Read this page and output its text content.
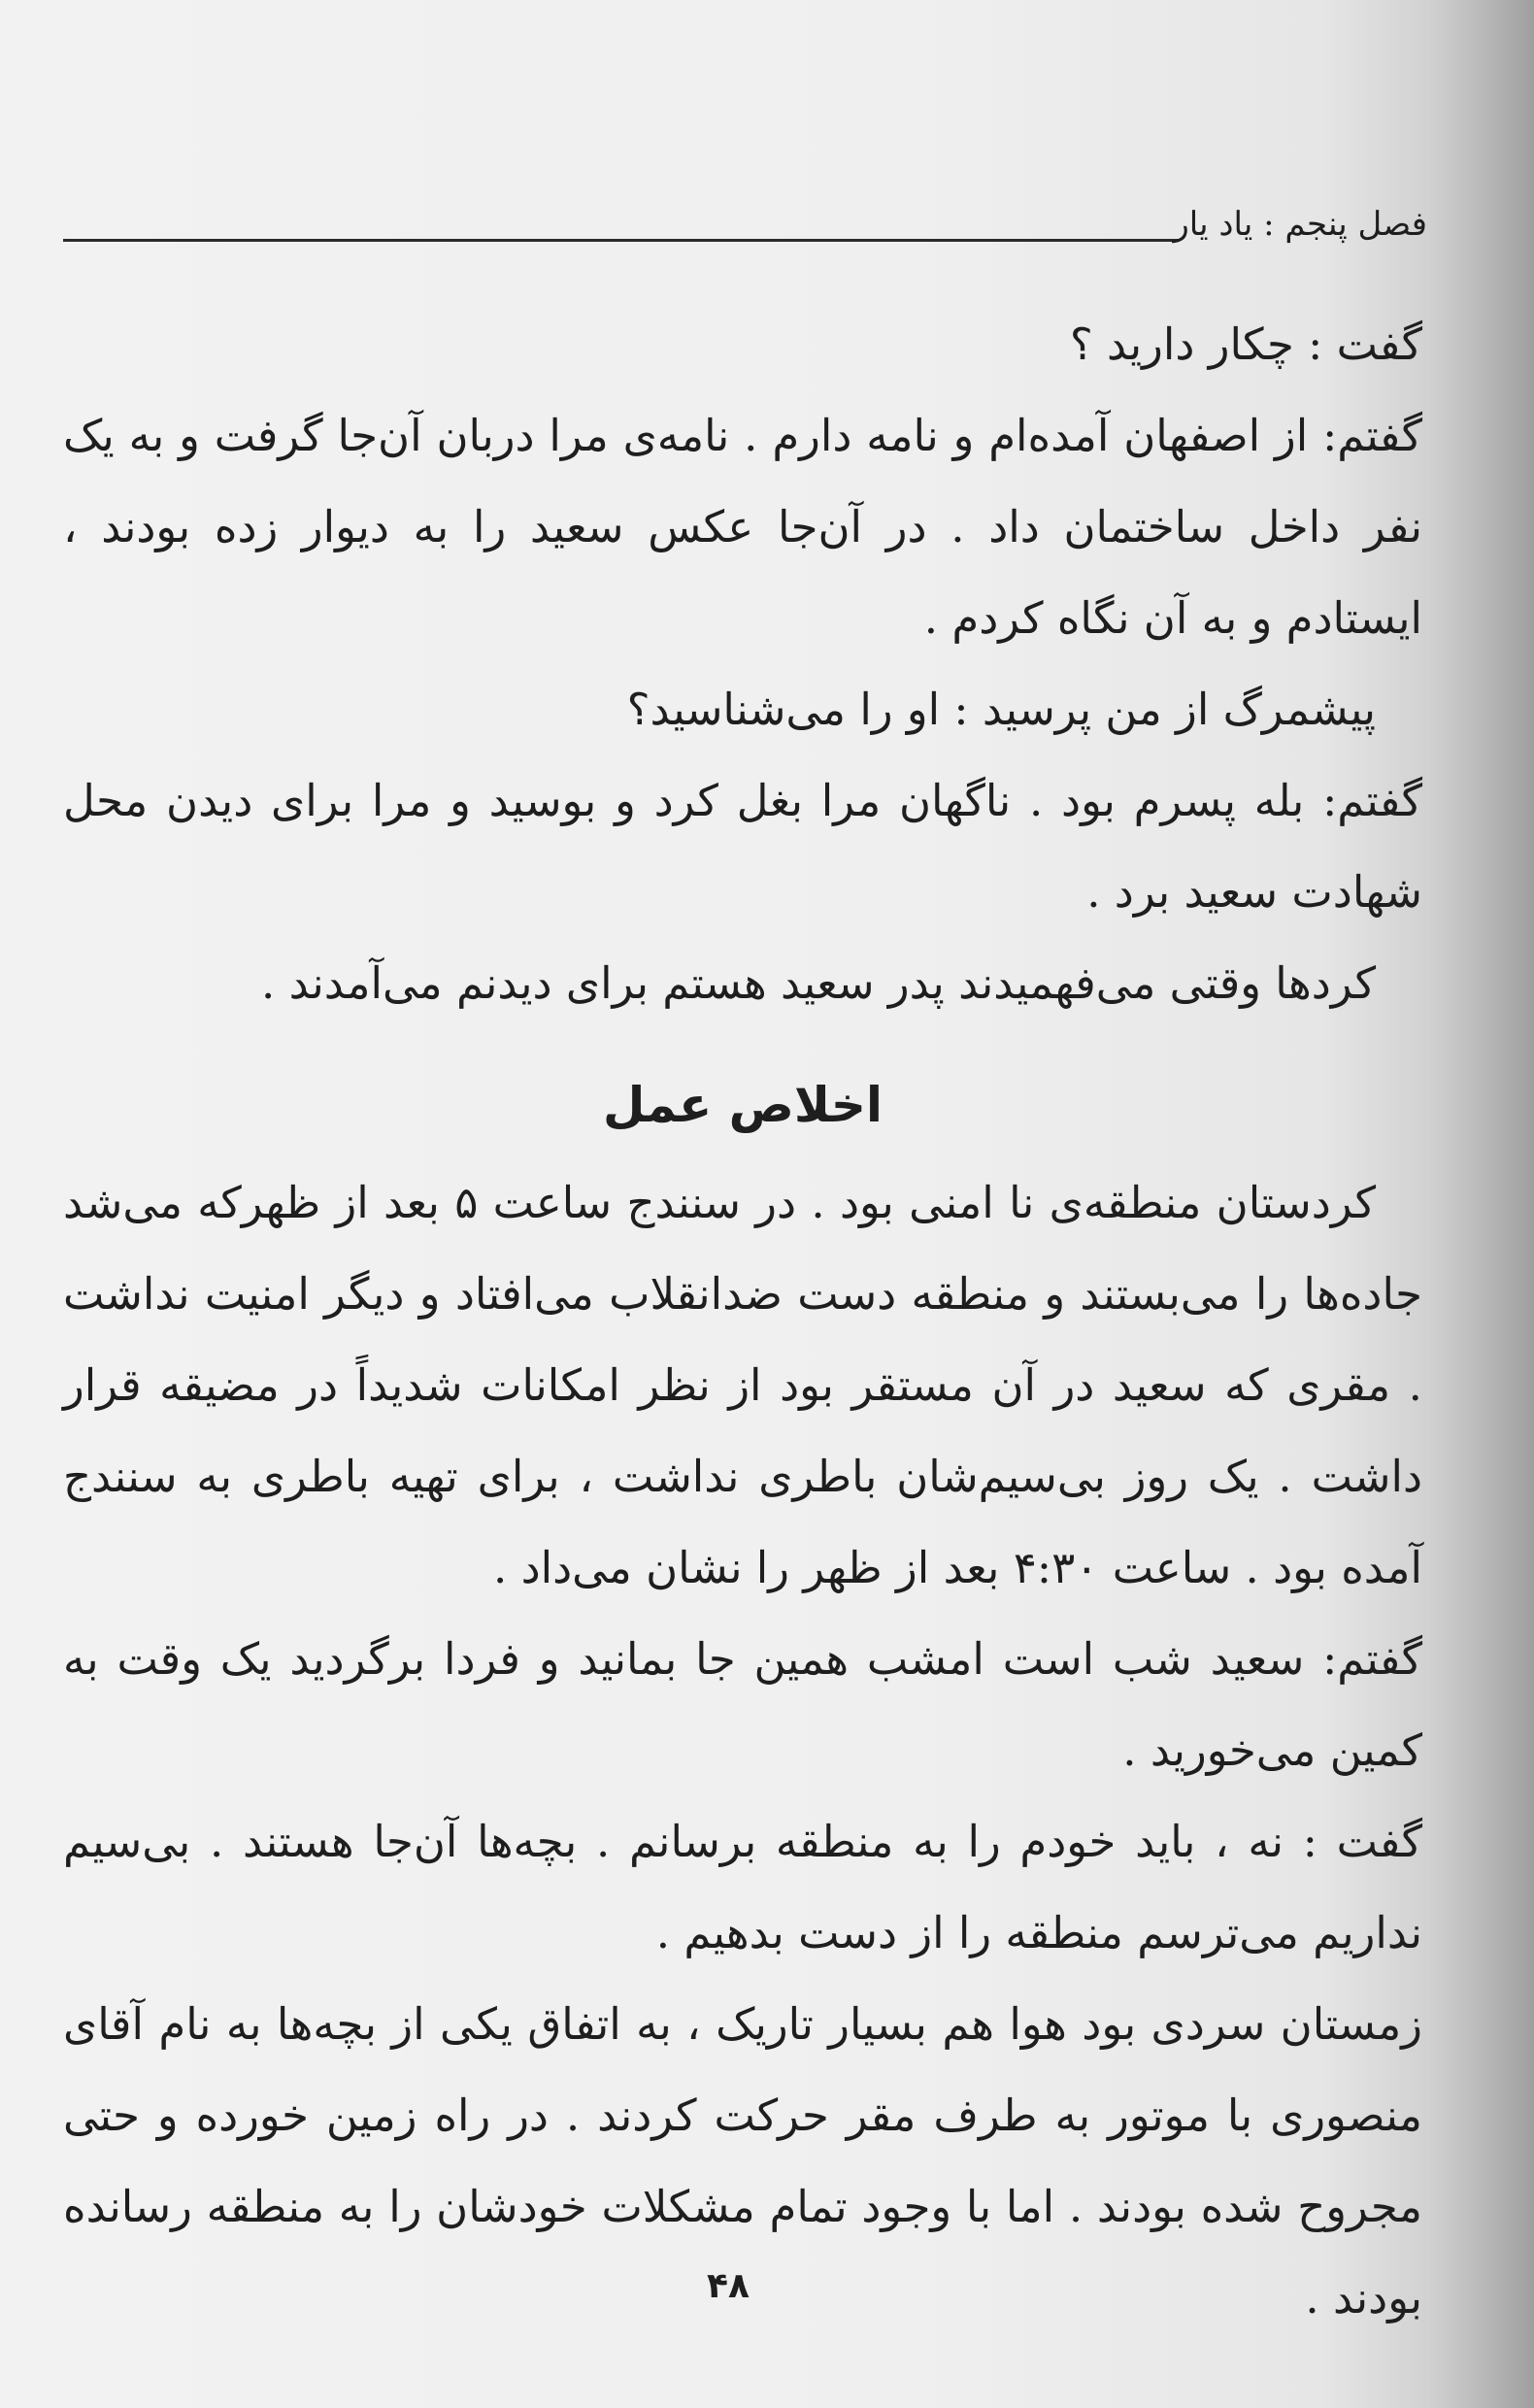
فصل پنجم : یاد یار

گفت : چکار دارید ؟

گفتم: از اصفهان آمده‌ام و نامه دارم . نامه‌ی مرا دربان آن‌جا گرفت و به یک نفر داخل ساختمان داد . در آن‌جا عکس سعید را به دیوار زده بودند ، ایستادم و به آن نگاه کردم .

پیشمرگ از من پرسید : او را می‌شناسید؟

گفتم: بله پسرم بود . ناگهان مرا بغل کرد و بوسید و مرا برای دیدن محل شهادت سعید برد .

کردها وقتی می‌فهمیدند پدر سعید هستم برای دیدنم می‌آمدند .

اخلاص عمل

کردستان منطقه‌ی نا امنی بود . در سنندج ساعت ۵ بعد از ظهرکه می‌شد جاده‌ها را می‌بستند و منطقه دست ضدانقلاب می‌افتاد و دیگر امنیت نداشت . مقری که سعید در آن مستقر بود از نظر امکانات شدیداً در مضیقه قرار داشت . یک روز بی‌سیم‌شان باطری نداشت ، برای تهیه باطری به سنندج آمده بود . ساعت ۴:۳۰ بعد از ظهر را نشان می‌داد .

گفتم: سعید شب است امشب همین جا بمانید و فردا برگردید یک وقت به کمین می‌خورید .

گفت : نه ، باید خودم را به منطقه برسانم . بچه‌ها آن‌جا هستند . بی‌سیم نداریم می‌ترسم منطقه را از دست بدهیم .

زمستان سردی بود هوا هم بسیار تاریک ، به اتفاق یکی از بچه‌ها به نام آقای منصوری با موتور به طرف مقر حرکت کردند . در راه زمین خورده و حتی مجروح شده بودند . اما با وجود تمام مشکلات خودشان را به منطقه رسانده بودند .

۴۸
